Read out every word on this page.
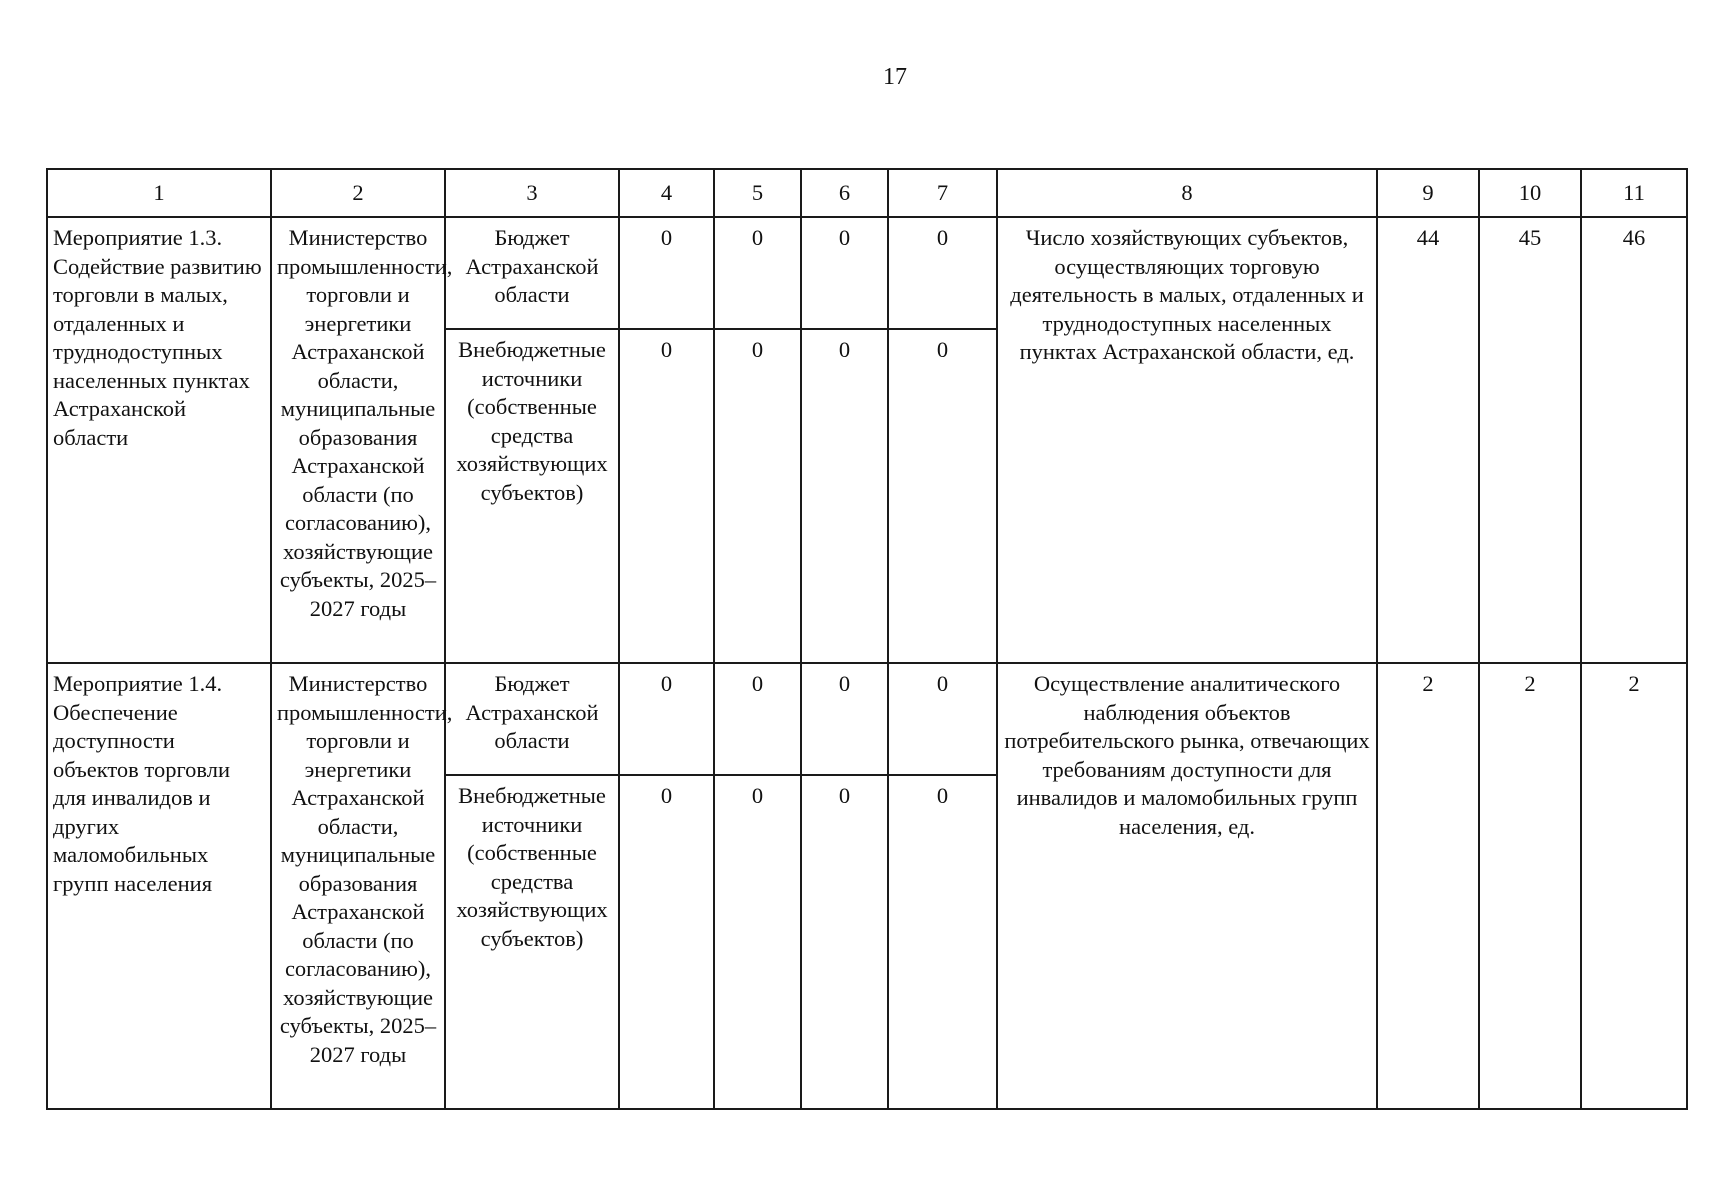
17
1	2	3	4	5	6	7	8	9	10	11
Мероприятие 1.3. Содействие развитию торговли в малых, отдаленных и труднодоступных населенных пунктах Астраханской области	Министерство промышленности, торговли и энергетики Астраханской области, муниципальные образования Астраханской области (по согласованию), хозяйствующие субъекты, 2025–2027 годы	Бюджет Астраханской области	0	0	0	0	Число хозяйствующих субъектов, осуществляющих торговую деятельность в малых, отдаленных и труднодоступных населенных пунктах Астраханской области, ед.	44	45	46
		Внебюджетные источники (собственные средства хозяйствующих субъектов)	0	0	0	0				
Мероприятие 1.4. Обеспечение доступности объектов торговли для инвалидов и других маломобильных групп населения	Министерство промышленности, торговли и энергетики Астраханской области, муниципальные образования Астраханской области (по согласованию), хозяйствующие субъекты, 2025–2027 годы	Бюджет Астраханской области	0	0	0	0	Осуществление аналитического наблюдения объектов потребительского рынка, отвечающих требованиям доступности для инвалидов и маломобильных групп населения, ед.	2	2	2
		Внебюджетные источники (собственные средства хозяйствующих субъектов)	0	0	0	0				
